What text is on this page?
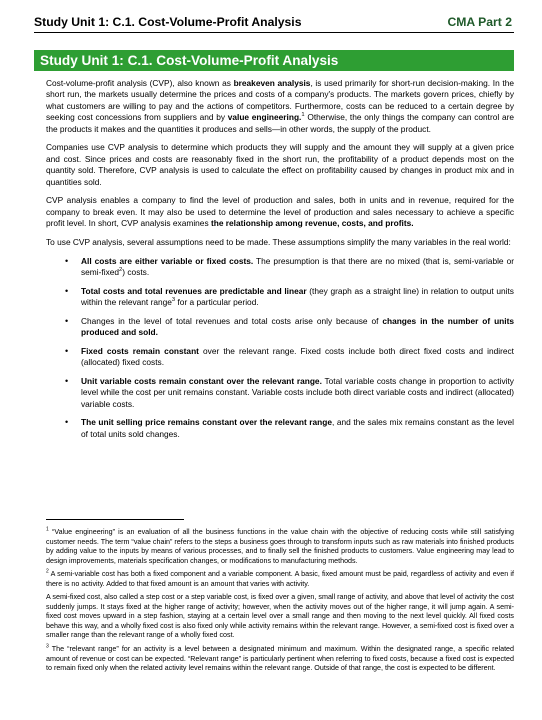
Study Unit 1: C.1. Cost-Volume-Profit Analysis	CMA Part 2
Study Unit 1: C.1. Cost-Volume-Profit Analysis

Cost-volume-profit analysis (CVP), also known as breakeven analysis, is used primarily for short-run decision-making. In the short run, the markets usually determine the prices and costs of a company's products. The markets govern prices, chiefly by what customers are willing to pay and the actions of competitors. Furthermore, costs can be reduced to a certain degree by seeking cost concessions from suppliers and by value engineering.$^1$ Otherwise, the only things the company can control are the products it makes and the quantities it produces and sells—in other words, the supply of the product.

Companies use CVP analysis to determine which products they will supply and the amount they will supply at a given price and cost. Since prices and costs are reasonably fixed in the short run, the profitability of a product depends most on the quantity sold. Therefore, CVP analysis is used to calculate the effect on profitability caused by changes in product mix and in quantities sold.

CVP analysis enables a company to find the level of production and sales, both in units and in revenue, required for the company to break even. It may also be used to determine the level of production and sales necessary to achieve a specific profit level. In short, CVP analysis examines the relationship among revenue, costs, and profits.

To use CVP analysis, several assumptions need to be made. These assumptions simplify the many variables in the real world:

• All costs are either variable or fixed costs. The presumption is that there are no mixed (that is, semi-variable or semi-fixed$^2$) costs.
• Total costs and total revenues are predictable and linear (they graph as a straight line) in relation to output units within the relevant range$^3$ for a particular period.
• Changes in the level of total revenues and total costs arise only because of changes in the number of units produced and sold.
• Fixed costs remain constant over the relevant range. Fixed costs include both direct fixed costs and indirect (allocated) fixed costs.
• Unit variable costs remain constant over the relevant range. Total variable costs change in proportion to activity level while the cost per unit remains constant. Variable costs include both direct variable costs and indirect (allocated) variable costs.
• The unit selling price remains constant over the relevant range, and the sales mix remains constant as the level of total units sold changes.

$^1$ “Value engineering” is an evaluation of all the business functions in the value chain with the objective of reducing costs while still satisfying customer needs. The term “value chain” refers to the steps a business goes through to transform inputs such as raw materials into finished products by adding value to the inputs by means of various processes, and to finally sell the finished products to customers. Value engineering may lead to design improvements, materials specification changes, or modifications to manufacturing methods.

$^2$ A semi-variable cost has both a fixed component and a variable component. A basic, fixed amount must be paid, regardless of activity and even if there is no activity. Added to that fixed amount is an amount that varies with activity.

A semi-fixed cost, also called a step cost or a step variable cost, is fixed over a given, small range of activity, and above that level of activity the cost suddenly jumps. It stays fixed at the higher range of activity; however, when the activity moves out of the higher range, it will jump again. A semi-fixed cost moves upward in a step fashion, staying at a certain level over a small range and then moving to the next level quickly. All fixed costs behave this way, and a wholly fixed cost is also fixed only while activity remains within the relevant range. However, a semi-fixed cost is fixed over a smaller range than the relevant range of a wholly fixed cost.

$^3$ The “relevant range” for an activity is a level between a designated minimum and maximum. Within the designated range, a specific related amount of revenue or cost can be expected. “Relevant range” is particularly pertinent when referring to fixed costs, because a fixed cost is expected to remain fixed only when the related activity level remains within the relevant range. Outside of that range, the cost is expected to be different.
